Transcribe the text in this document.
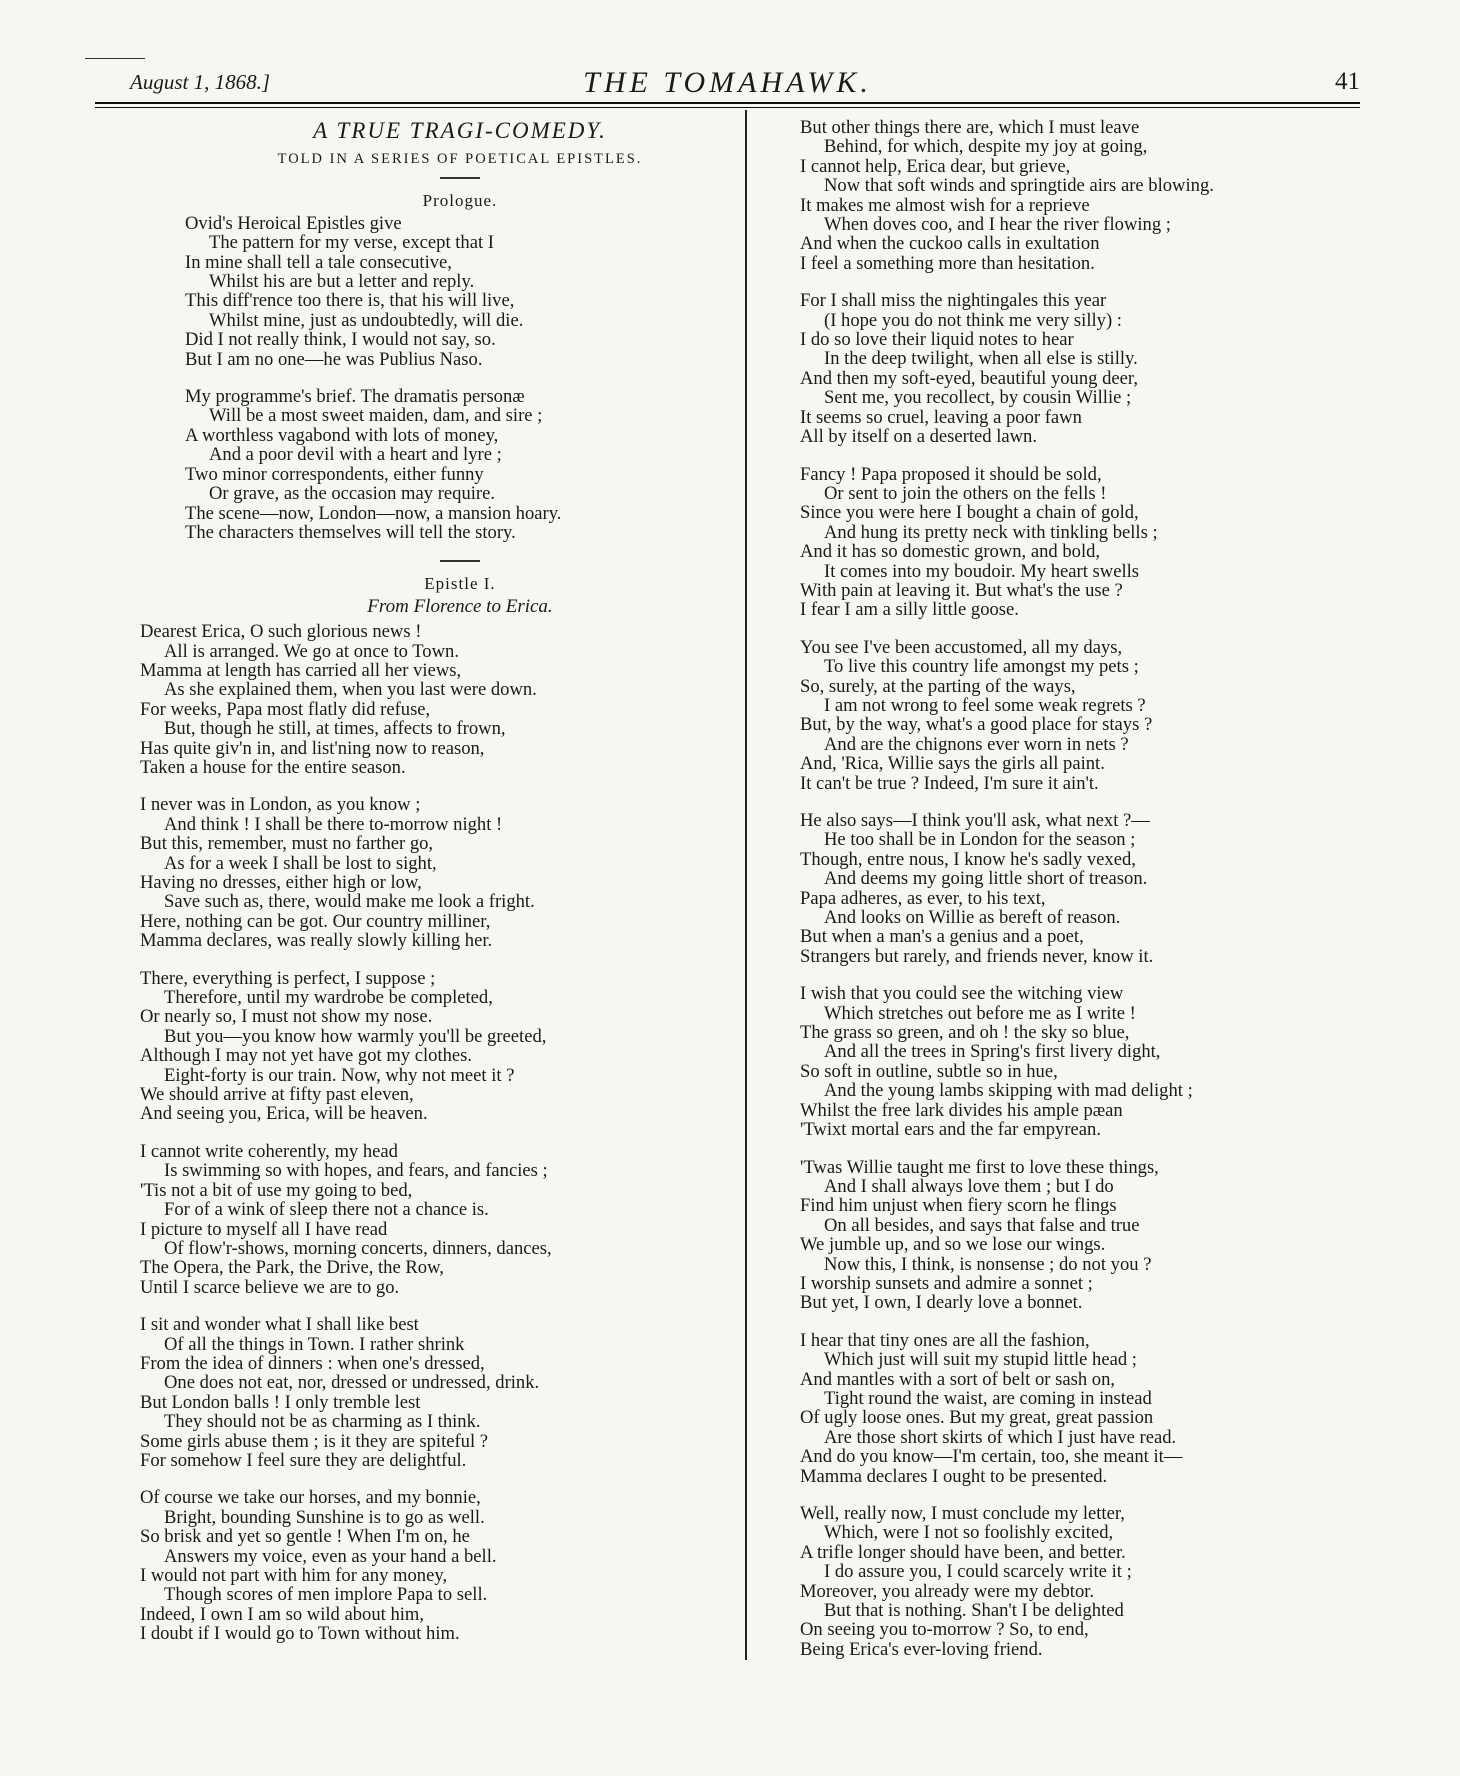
August 1, 1868.]	THE TOMAHAWK.	41
A TRUE TRAGI-COMEDY.
TOLD IN A SERIES OF POETICAL EPISTLES.
Prologue.
Ovid's Heroical Epistles give
The pattern for my verse, except that I
In mine shall tell a tale consecutive,
Whilst his are but a letter and reply.
This diff'rence too there is, that his will live,
Whilst mine, just as undoubtedly, will die.
Did I not really think, I would not say, so.
But I am no one—he was Publius Naso.
My programme's brief. The dramatis personæ
Will be a most sweet maiden, dam, and sire ;
A worthless vagabond with lots of money,
And a poor devil with a heart and lyre ;
Two minor correspondents, either funny
Or grave, as the occasion may require.
The scene—now, London—now, a mansion hoary.
The characters themselves will tell the story.
Epistle I.
From Florence to Erica.
Dearest Erica, O such glorious news !
All is arranged. We go at once to Town.
Mamma at length has carried all her views,
As she explained them, when you last were down.
For weeks, Papa most flatly did refuse,
But, though he still, at times, affects to frown,
Has quite giv'n in, and list'ning now to reason,
Taken a house for the entire season.
I never was in London, as you know ;
And think ! I shall be there to-morrow night !
But this, remember, must no farther go,
As for a week I shall be lost to sight,
Having no dresses, either high or low,
Save such as, there, would make me look a fright.
Here, nothing can be got. Our country milliner,
Mamma declares, was really slowly killing her.
There, everything is perfect, I suppose ;
Therefore, until my wardrobe be completed,
Or nearly so, I must not show my nose.
But you—you know how warmly you'll be greeted,
Although I may not yet have got my clothes.
Eight-forty is our train. Now, why not meet it ?
We should arrive at fifty past eleven,
And seeing you, Erica, will be heaven.
I cannot write coherently, my head
Is swimming so with hopes, and fears, and fancies ;
'Tis not a bit of use my going to bed,
For of a wink of sleep there not a chance is.
I picture to myself all I have read
Of flow'r-shows, morning concerts, dinners, dances,
The Opera, the Park, the Drive, the Row,
Until I scarce believe we are to go.
I sit and wonder what I shall like best
Of all the things in Town. I rather shrink
From the idea of dinners : when one's dressed,
One does not eat, nor, dressed or undressed, drink.
But London balls ! I only tremble lest
They should not be as charming as I think.
Some girls abuse them ; is it they are spiteful ?
For somehow I feel sure they are delightful.
Of course we take our horses, and my bonnie,
Bright, bounding Sunshine is to go as well.
So brisk and yet so gentle ! When I'm on, he
Answers my voice, even as your hand a bell.
I would not part with him for any money,
Though scores of men implore Papa to sell.
Indeed, I own I am so wild about him,
I doubt if I would go to Town without him.
But other things there are, which I must leave
Behind, for which, despite my joy at going,
I cannot help, Erica dear, but grieve,
Now that soft winds and springtide airs are blowing.
It makes me almost wish for a reprieve
When doves coo, and I hear the river flowing ;
And when the cuckoo calls in exultation
I feel a something more than hesitation.
For I shall miss the nightingales this year
(I hope you do not think me very silly) :
I do so love their liquid notes to hear
In the deep twilight, when all else is stilly.
And then my soft-eyed, beautiful young deer,
Sent me, you recollect, by cousin Willie ;
It seems so cruel, leaving a poor fawn
All by itself on a deserted lawn.
Fancy ! Papa proposed it should be sold,
Or sent to join the others on the fells !
Since you were here I bought a chain of gold,
And hung its pretty neck with tinkling bells ;
And it has so domestic grown, and bold,
It comes into my boudoir. My heart swells
With pain at leaving it. But what's the use ?
I fear I am a silly little goose.
You see I've been accustomed, all my days,
To live this country life amongst my pets ;
So, surely, at the parting of the ways,
I am not wrong to feel some weak regrets ?
But, by the way, what's a good place for stays ?
And are the chignons ever worn in nets ?
And, 'Rica, Willie says the girls all paint.
It can't be true ? Indeed, I'm sure it ain't.
He also says—I think you'll ask, what next ?—
He too shall be in London for the season ;
Though, entre nous, I know he's sadly vexed,
And deems my going little short of treason.
Papa adheres, as ever, to his text,
And looks on Willie as bereft of reason.
But when a man's a genius and a poet,
Strangers but rarely, and friends never, know it.
I wish that you could see the witching view
Which stretches out before me as I write !
The grass so green, and oh ! the sky so blue,
And all the trees in Spring's first livery dight,
So soft in outline, subtle so in hue,
And the young lambs skipping with mad delight ;
Whilst the free lark divides his ample pæan
'Twixt mortal ears and the far empyrean.
'Twas Willie taught me first to love these things,
And I shall always love them ; but I do
Find him unjust when fiery scorn he flings
On all besides, and says that false and true
We jumble up, and so we lose our wings.
Now this, I think, is nonsense ; do not you ?
I worship sunsets and admire a sonnet ;
But yet, I own, I dearly love a bonnet.
I hear that tiny ones are all the fashion,
Which just will suit my stupid little head ;
And mantles with a sort of belt or sash on,
Tight round the waist, are coming in instead
Of ugly loose ones. But my great, great passion
Are those short skirts of which I just have read.
And do you know—I'm certain, too, she meant it—
Mamma declares I ought to be presented.
Well, really now, I must conclude my letter,
Which, were I not so foolishly excited,
A trifle longer should have been, and better.
I do assure you, I could scarcely write it ;
Moreover, you already were my debtor.
But that is nothing. Shan't I be delighted
On seeing you to-morrow ? So, to end,
Being Erica's ever-loving friend.
